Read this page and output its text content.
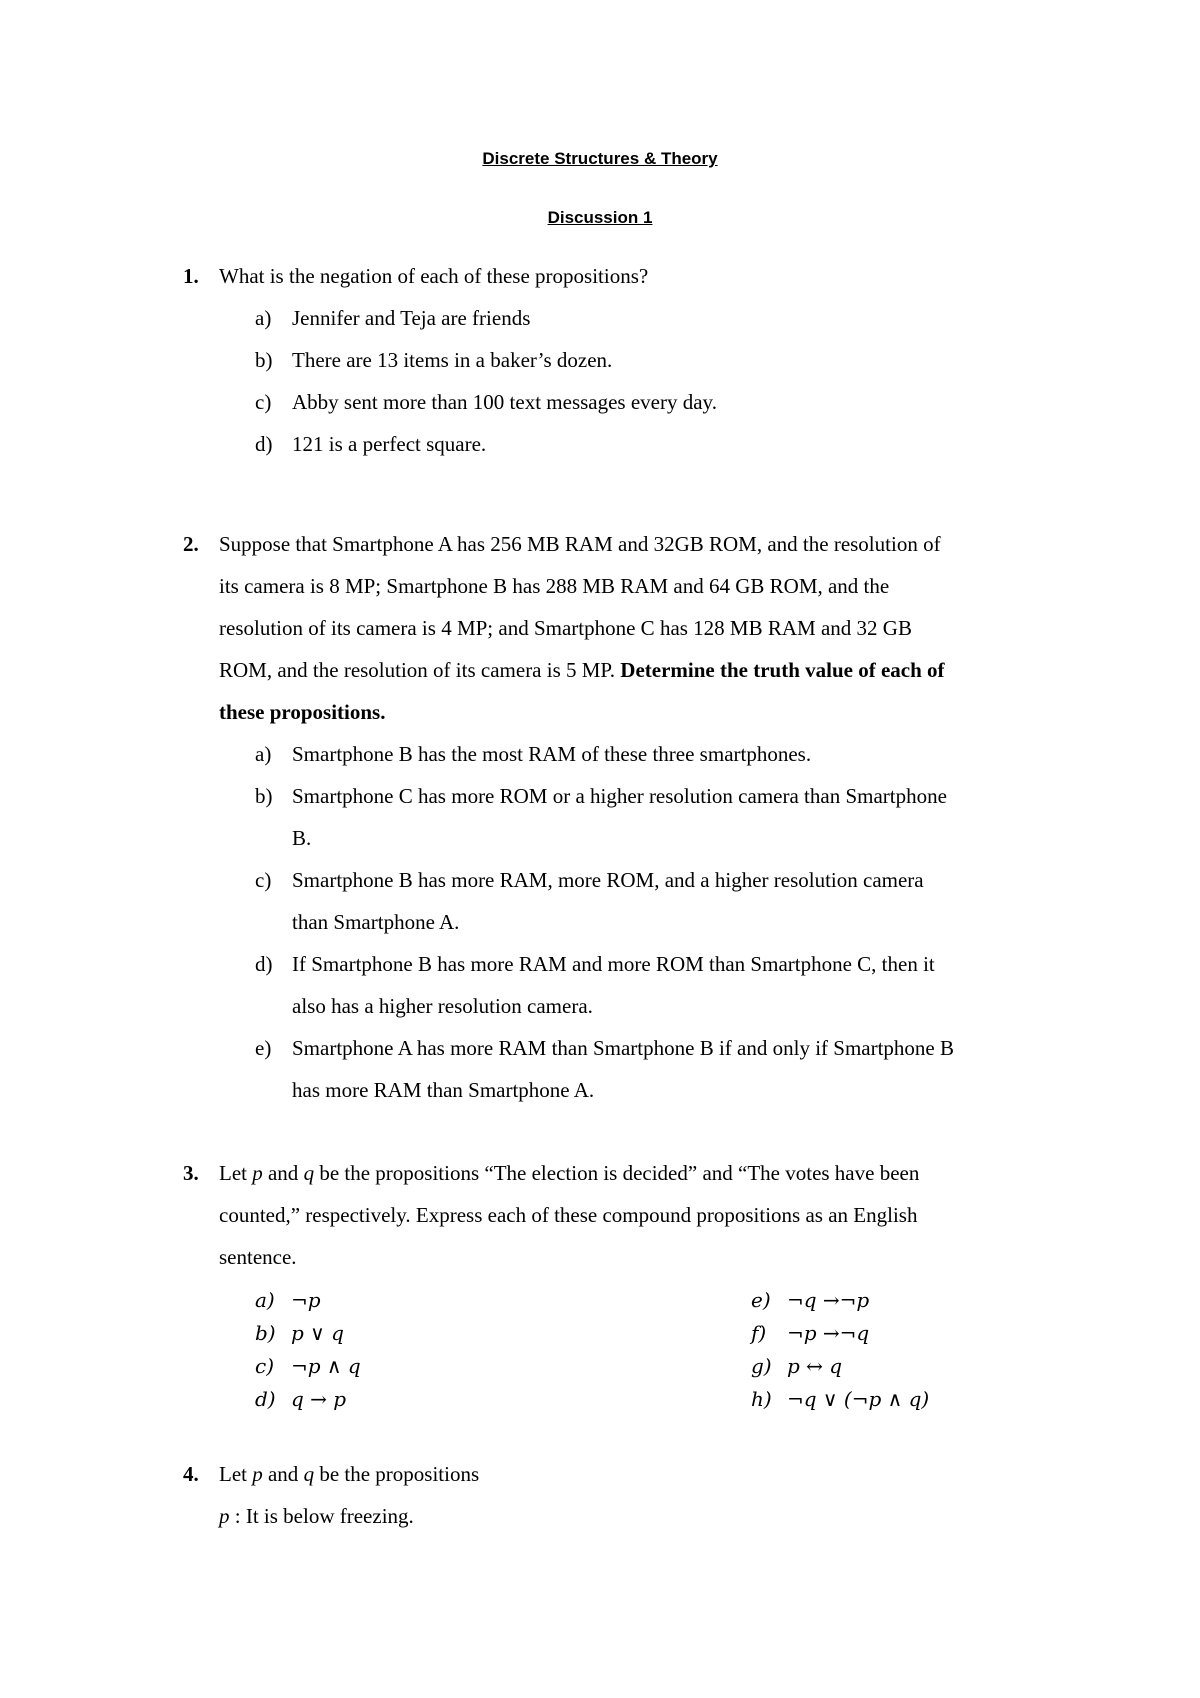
Discrete Structures & Theory
Discussion 1
1. What is the negation of each of these propositions?
a) Jennifer and Teja are friends
b) There are 13 items in a baker’s dozen.
c) Abby sent more than 100 text messages every day.
d) 121 is a perfect square.
2. Suppose that Smartphone A has 256 MB RAM and 32GB ROM, and the resolution of
its camera is 8 MP; Smartphone B has 288 MB RAM and 64 GB ROM, and the
resolution of its camera is 4 MP; and Smartphone C has 128 MB RAM and 32 GB
ROM, and the resolution of its camera is 5 MP. Determine the truth value of each of
these propositions.
a) Smartphone B has the most RAM of these three smartphones.
b) Smartphone C has more ROM or a higher resolution camera than Smartphone
B.
c) Smartphone B has more RAM, more ROM, and a higher resolution camera
than Smartphone A.
d) If Smartphone B has more RAM and more ROM than Smartphone C, then it
also has a higher resolution camera.
e) Smartphone A has more RAM than Smartphone B if and only if Smartphone B
has more RAM than Smartphone A.
3. Let p and q be the propositions “The election is decided” and “The votes have been
counted,” respectively. Express each of these compound propositions as an English
sentence.
a) ¬p
b) p ∨ q
c) ¬p ∧ q
d) q → p
e) ¬q →¬p
f) ¬p →¬q
g) p ↔ q
h) ¬q ∨ (¬p ∧ q)
4. Let p and q be the propositions
p : It is below freezing.
